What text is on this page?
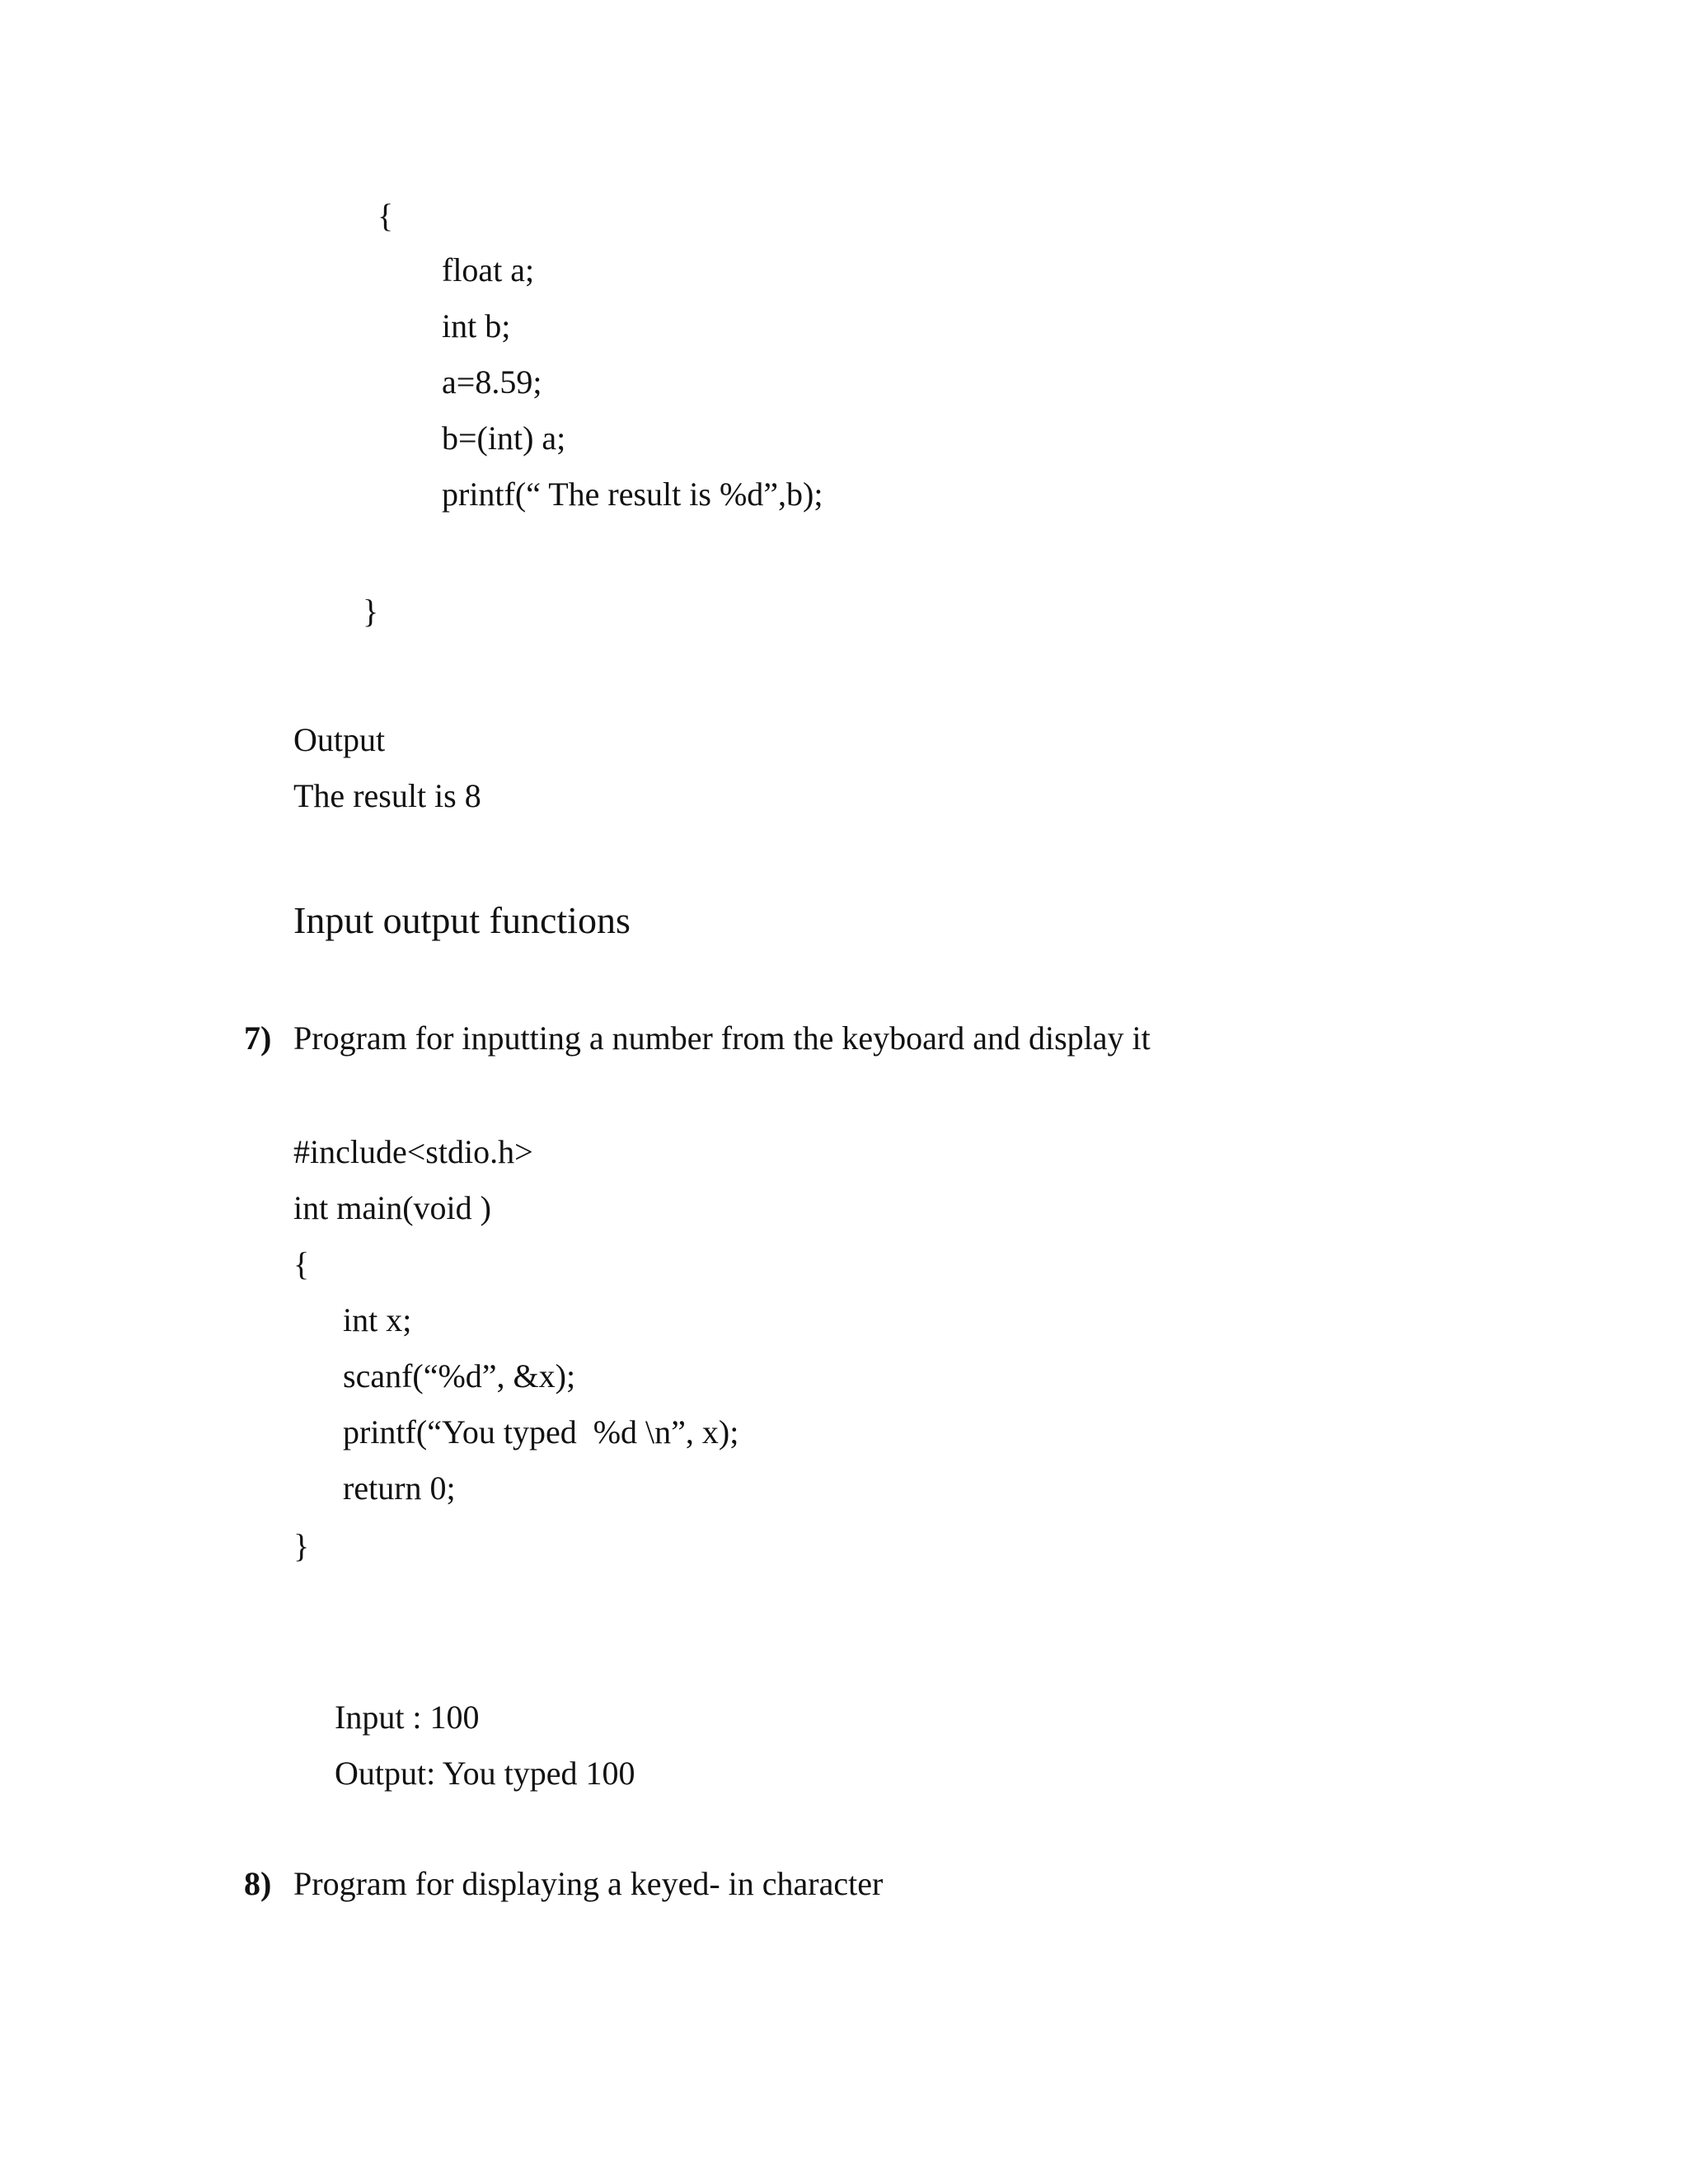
{
float a;
int b;
a=8.59;
b=(int) a;
printf(“ The result is %d”,b);
}
Output
The result is 8
Input output functions
7) Program for inputting a number from the keyboard and display it
#include<stdio.h>
int main(void )
{
int x;
scanf(“%d”, &x);
printf(“You typed  %d \n”, x);
return 0;
}
Input : 100
Output: You typed 100
8) Program for displaying a keyed- in character
